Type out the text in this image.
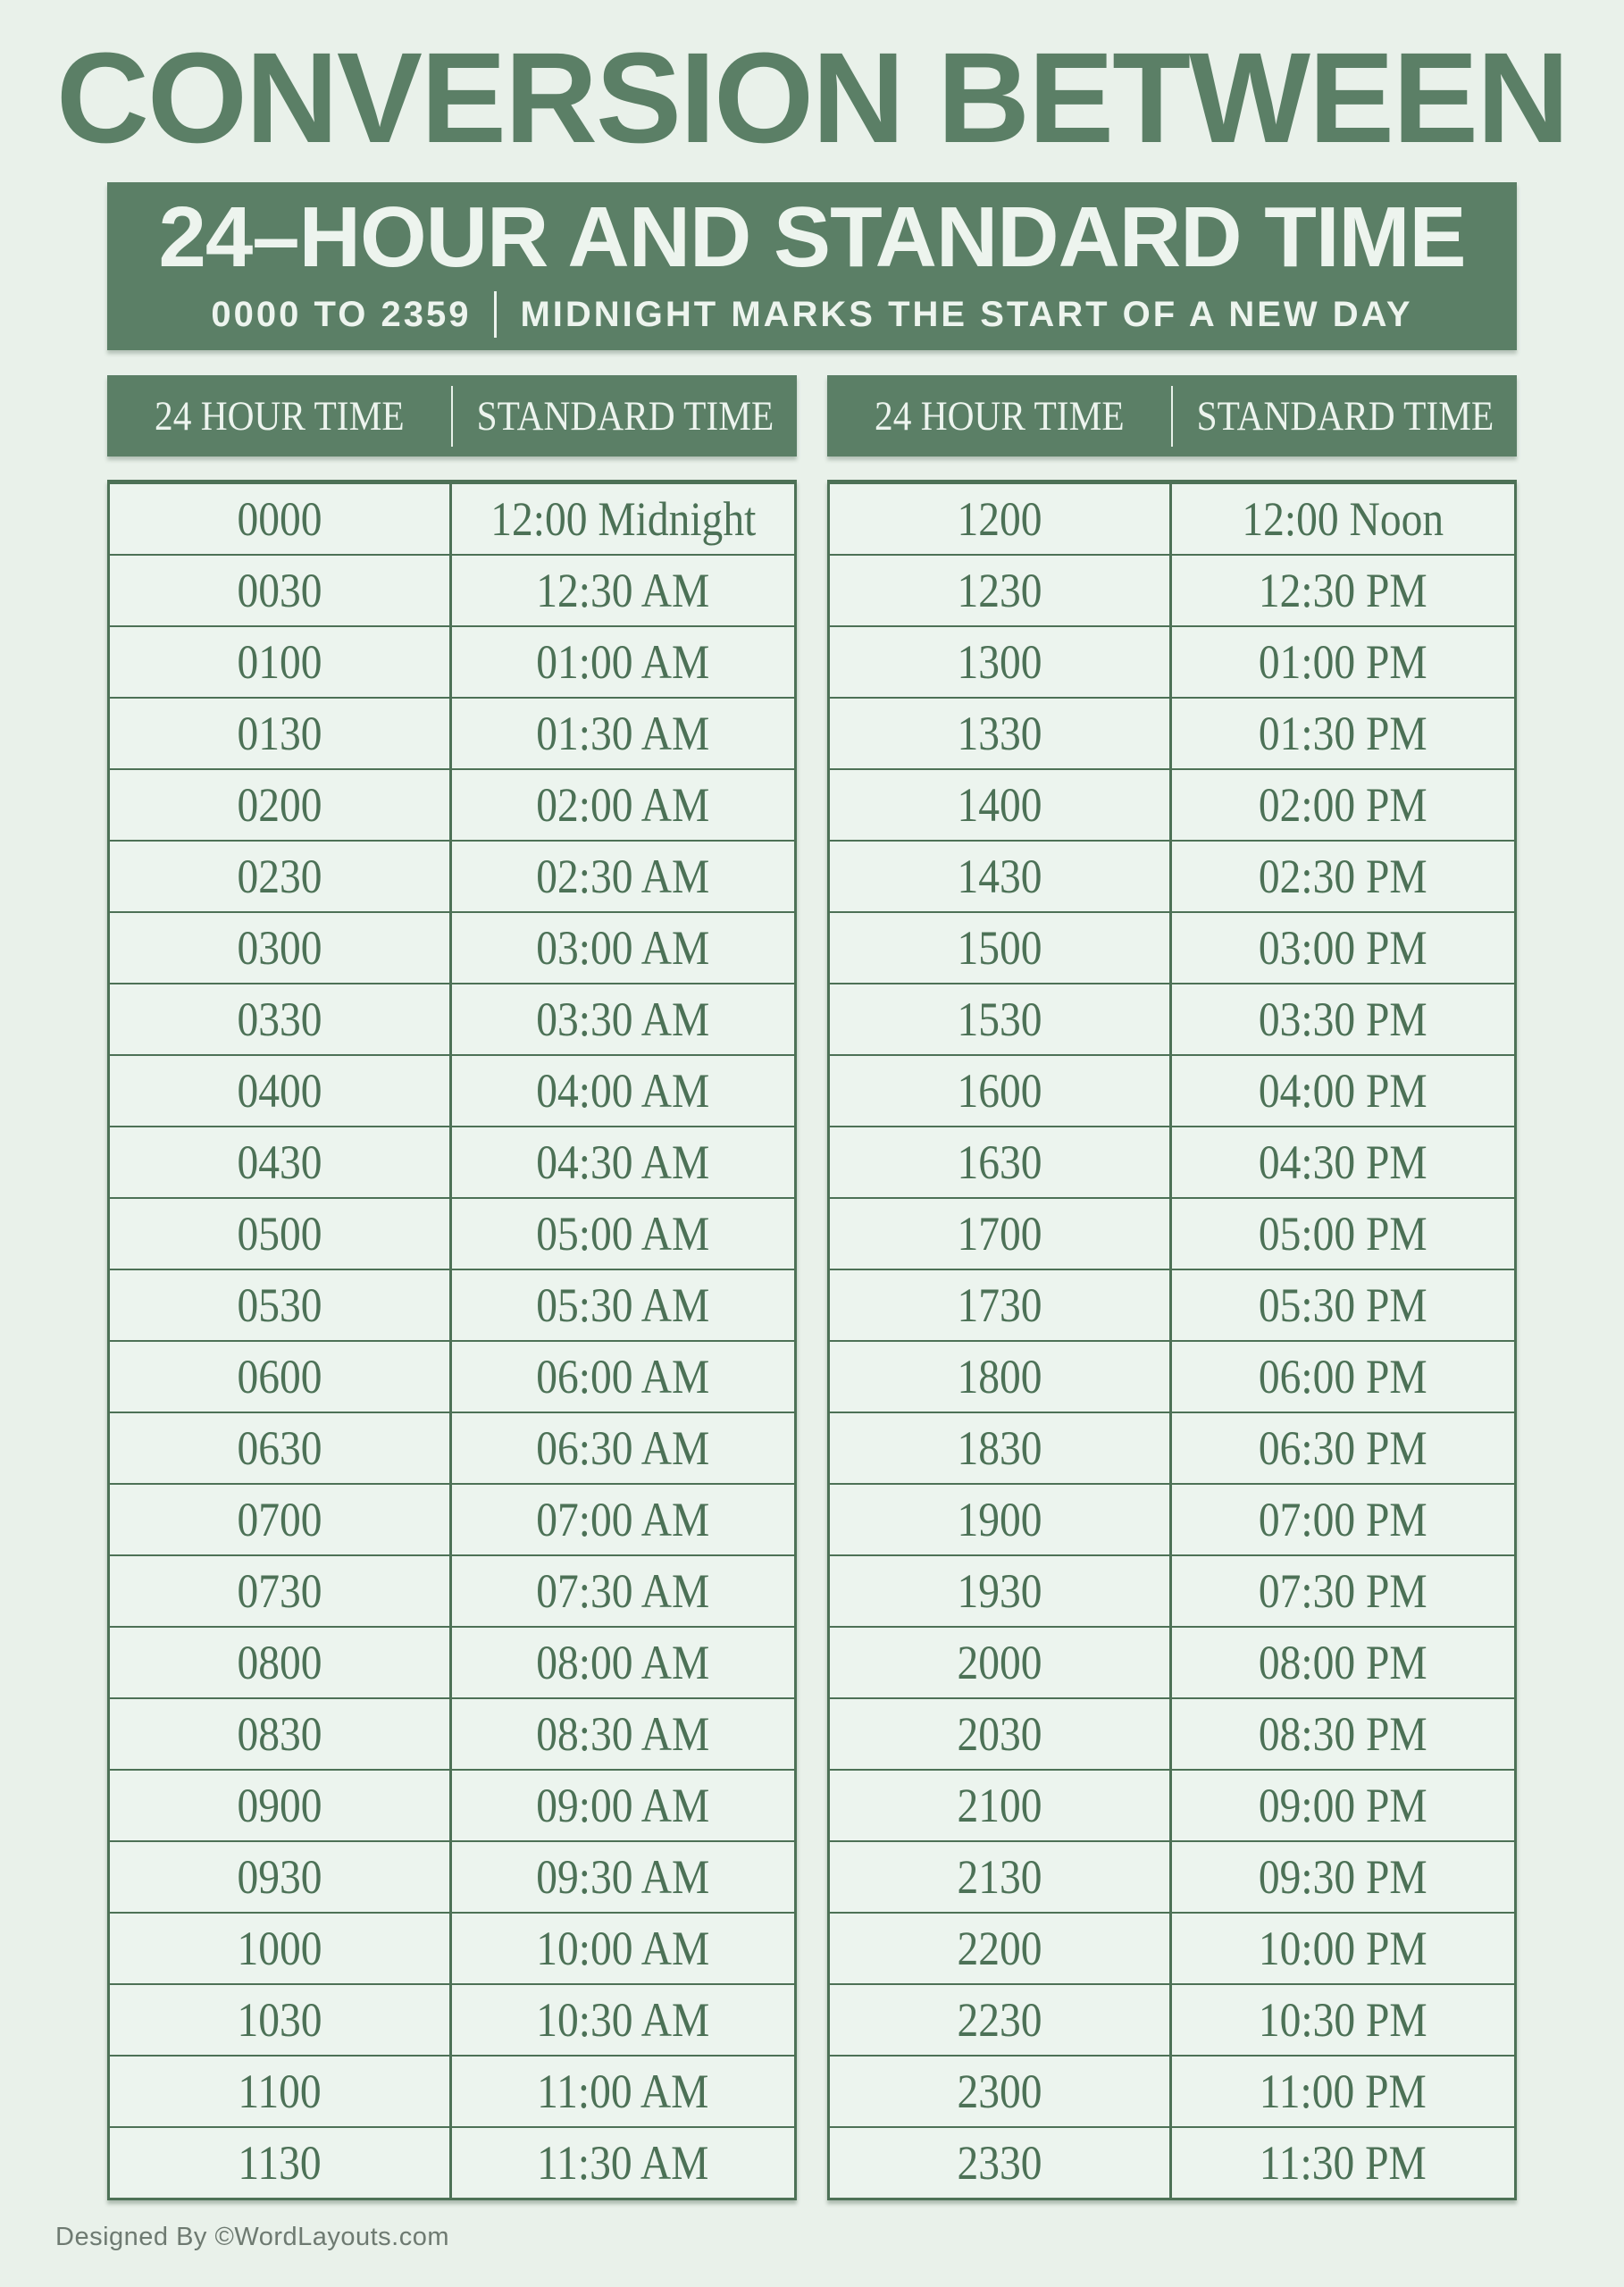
CONVERSION BETWEEN
24–HOUR AND STANDARD TIME
0000 TO 2359 MIDNIGHT MARKS THE START OF A NEW DAY
24 HOUR TIME	STANDARD TIME
0000	12:00 Midnight
0030	12:30 AM
0100	01:00 AM
0130	01:30 AM
0200	02:00 AM
0230	02:30 AM
0300	03:00 AM
0330	03:30 AM
0400	04:00 AM
0430	04:30 AM
0500	05:00 AM
0530	05:30 AM
0600	06:00 AM
0630	06:30 AM
0700	07:00 AM
0730	07:30 AM
0800	08:00 AM
0830	08:30 AM
0900	09:00 AM
0930	09:30 AM
1000	10:00 AM
1030	10:30 AM
1100	11:00 AM
1130	11:30 AM
24 HOUR TIME	STANDARD TIME
1200	12:00 Noon
1230	12:30 PM
1300	01:00 PM
1330	01:30 PM
1400	02:00 PM
1430	02:30 PM
1500	03:00 PM
1530	03:30 PM
1600	04:00 PM
1630	04:30 PM
1700	05:00 PM
1730	05:30 PM
1800	06:00 PM
1830	06:30 PM
1900	07:00 PM
1930	07:30 PM
2000	08:00 PM
2030	08:30 PM
2100	09:00 PM
2130	09:30 PM
2200	10:00 PM
2230	10:30 PM
2300	11:00 PM
2330	11:30 PM
Designed By ©WordLayouts.com
